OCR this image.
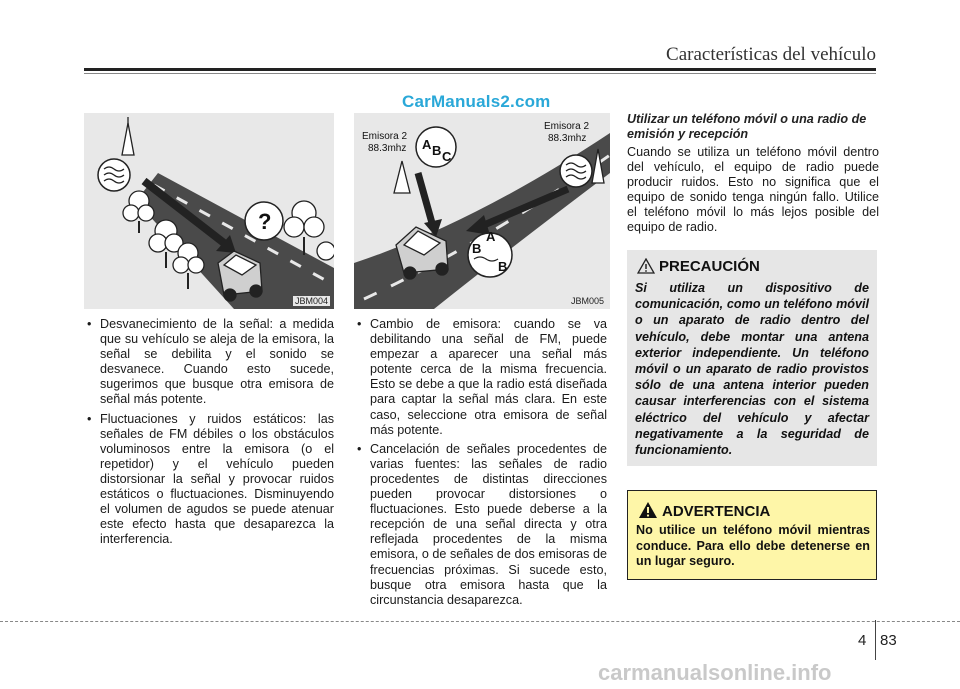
Características del vehículo
CarManuals2.com
?
JBM004
Emisora 2
88.3mhz
Emisora 2
88.3mhz
A B C
A
B
B
JBM005
• Desvanecimiento de la señal: a medida que su vehículo se aleja de la emisora, la señal se debilita y el sonido se desvanece. Cuando esto sucede, sugerimos que busque otra emisora de señal más potente.
• Fluctuaciones y ruidos estáticos: las señales de FM débiles o los obstáculos voluminosos entre la emisora (o el repetidor) y el vehículo pueden distorsionar la señal y provocar ruidos estáticos o fluctuaciones. Disminuyendo el volumen de agudos se puede atenuar este efecto hasta que desaparezca la interferencia.
• Cambio de emisora: cuando se va debilitando una señal de FM, puede empezar a aparecer una señal más potente cerca de la misma frecuencia. Esto se debe a que la radio está diseñada para captar la señal más clara. En este caso, seleccione otra emisora de señal más potente.
• Cancelación de señales procedentes de varias fuentes: las señales de radio procedentes de distintas direcciones pueden provocar distorsiones o fluctuaciones. Esto puede deberse a la recepción de una señal directa y otra reflejada procedentes de la misma emisora, o de señales de dos emisoras de frecuencias próximas. Si sucede esto, busque otra emisora hasta que la circunstancia desaparezca.
Utilizar un teléfono móvil o una radio de emisión y recepción
Cuando se utiliza un teléfono móvil dentro del vehículo, el equipo de radio puede producir ruidos. Esto no significa que el equipo de sonido tenga ningún fallo. Utilice el teléfono móvil lo más lejos posible del equipo de radio.
PRECAUCIÓN
Si utiliza un dispositivo de comunicación, como un teléfono móvil o un aparato de radio dentro del vehículo, debe montar una antena exterior independiente. Un teléfono móvil o un aparato de radio provistos sólo de una antena interior pueden causar interferencias con el sistema eléctrico del vehículo y afectar negativamente a la seguridad de funcionamiento.
ADVERTENCIA
No utilice un teléfono móvil mientras conduce. Para ello debe detenerse en un lugar seguro.
4 83
carmanualsonline.info
